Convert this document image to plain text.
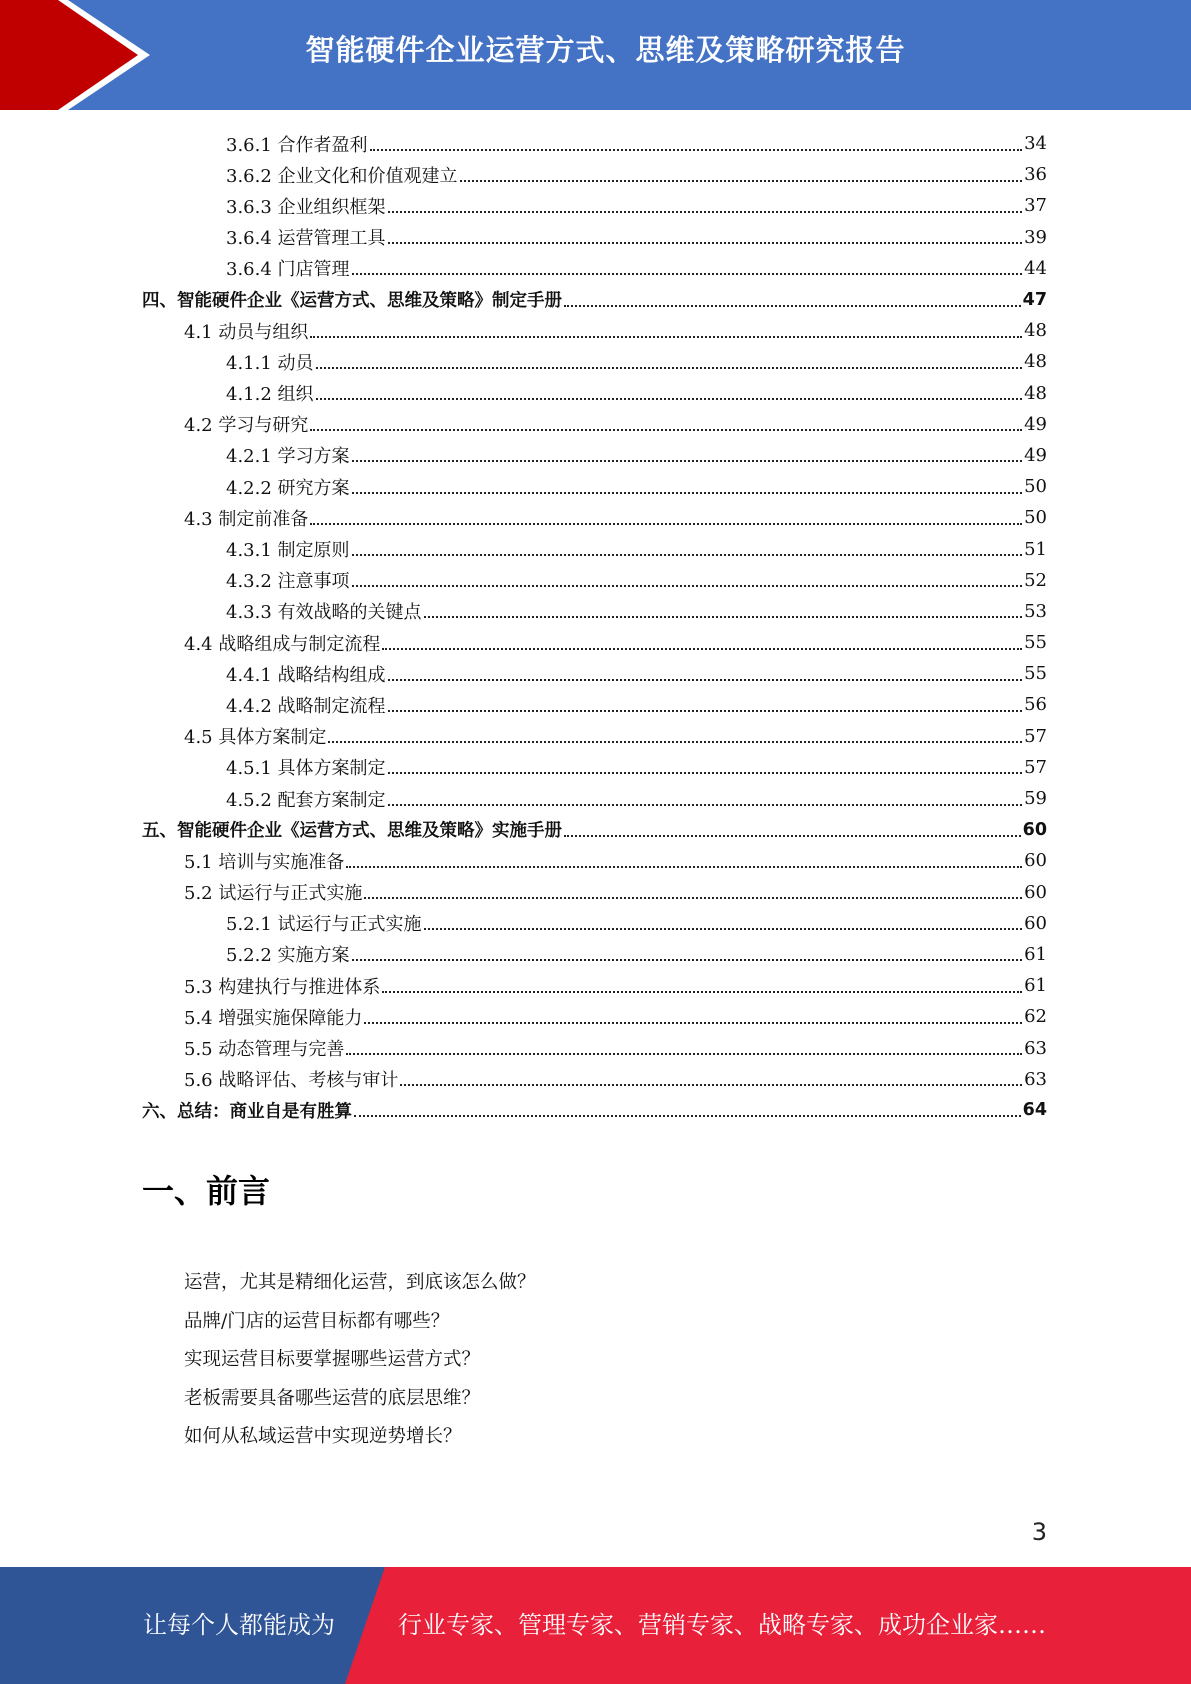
智能硬件企业运营方式、思维及策略研究报告
3.6.1 合作者盈利	34
3.6.2 企业文化和价值观建立	36
3.6.3 企业组织框架	37
3.6.4 运营管理工具	39
3.6.4 门店管理	44
四、智能硬件企业《运营方式、思维及策略》制定手册	47
4.1 动员与组织	48
4.1.1 动员	48
4.1.2 组织	48
4.2 学习与研究	49
4.2.1 学习方案	49
4.2.2 研究方案	50
4.3 制定前准备	50
4.3.1 制定原则	51
4.3.2 注意事项	52
4.3.3 有效战略的关键点	53
4.4 战略组成与制定流程	55
4.4.1 战略结构组成	55
4.4.2 战略制定流程	56
4.5 具体方案制定	57
4.5.1 具体方案制定	57
4.5.2 配套方案制定	59
五、智能硬件企业《运营方式、思维及策略》实施手册	60
5.1 培训与实施准备	60
5.2 试运行与正式实施	60
5.2.1 试运行与正式实施	60
5.2.2 实施方案	61
5.3 构建执行与推进体系	61
5.4 增强实施保障能力	62
5.5 动态管理与完善	63
5.6 战略评估、考核与审计	63
六、总结：商业自是有胜算	64
一、前言
运营，尤其是精细化运营，到底该怎么做？
品牌/门店的运营目标都有哪些？
实现运营目标要掌握哪些运营方式？
老板需要具备哪些运营的底层思维？
如何从私域运营中实现逆势增长？
3
让每个人都能成为	行业专家、管理专家、营销专家、战略专家、成功企业家……
